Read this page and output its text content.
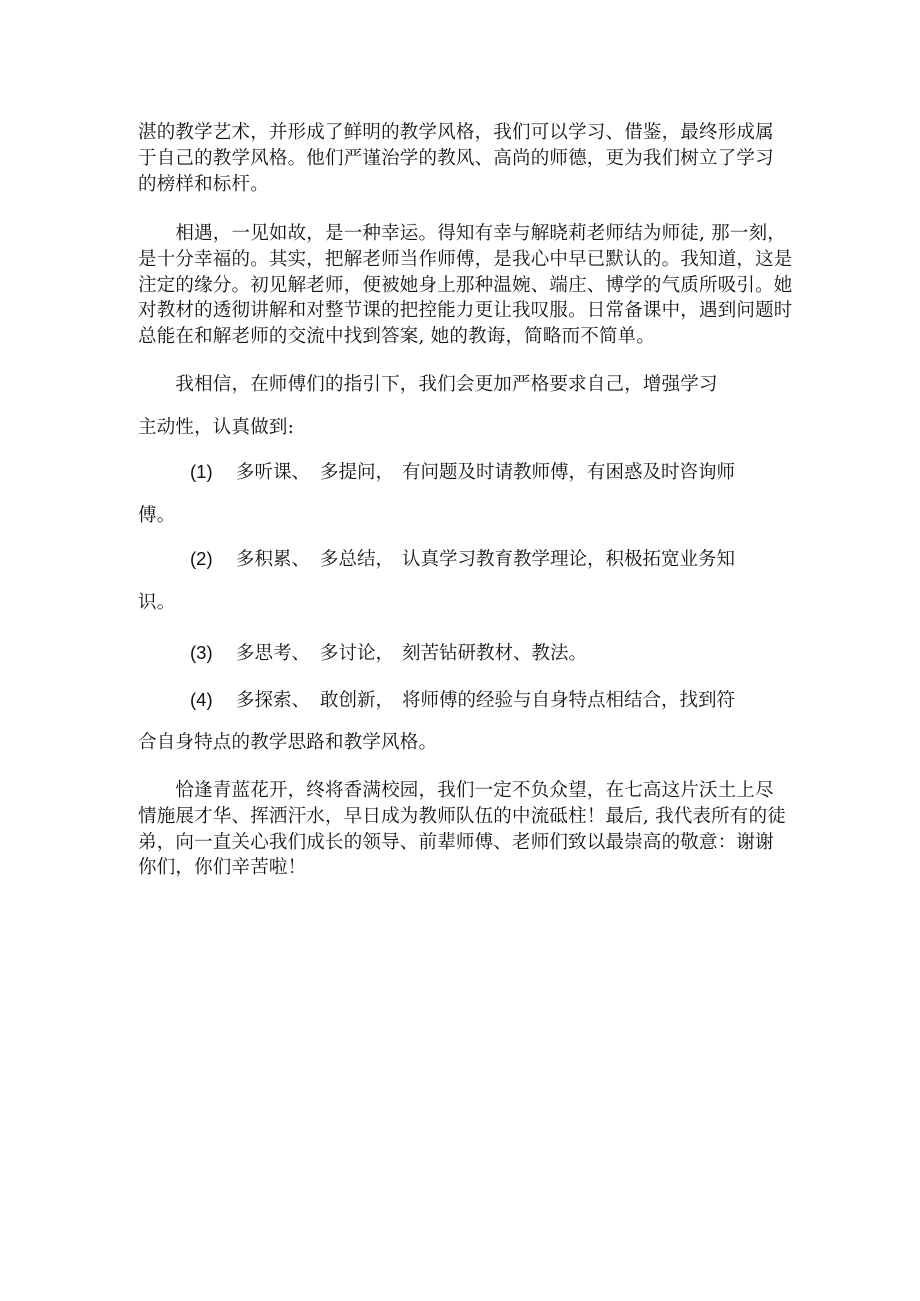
湛的教学艺术，并形成了鲜明的教学风格，我们可以学习、借鉴，最终形成属
于自己的教学风格。他们严谨治学的教风、高尚的师德，更为我们树立了学习
的榜样和标杆。
　　相遇，一见如故，是一种幸运。得知有幸与解晓莉老师结为师徒, 那一刻，
是十分幸福的。其实，把解老师当作师傅，是我心中早已默认的。我知道，这是
注定的缘分。初见解老师，便被她身上那种温婉、端庄、博学的气质所吸引。她
对教材的透彻讲解和对整节课的把控能力更让我叹服。日常备课中，遇到问题时
总能在和解老师的交流中找到答案, 她的教诲，简略而不简单。
　　我相信，在师傅们的指引下，我们会更加严格要求自己，增强学习
主动性，认真做到:
(1) 多听课、 多提问， 有问题及时请教师傅，有困惑及时咨询师
傅。
(2) 多积累、 多总结， 认真学习教育教学理论，积极拓宽业务知
识。
(3) 多思考、 多讨论， 刻苦钻研教材、教法。
(4) 多探索、 敢创新， 将师傅的经验与自身特点相结合，找到符
合自身特点的教学思路和教学风格。
　　恰逢青蓝花开，终将香满校园，我们一定不负众望，在七高这片沃土上尽
情施展才华、挥洒汗水，早日成为教师队伍的中流砥柱！最后, 我代表所有的徒
弟，向一直关心我们成长的领导、前辈师傅、老师们致以最崇高的敬意：谢谢
你们，你们辛苦啦！
